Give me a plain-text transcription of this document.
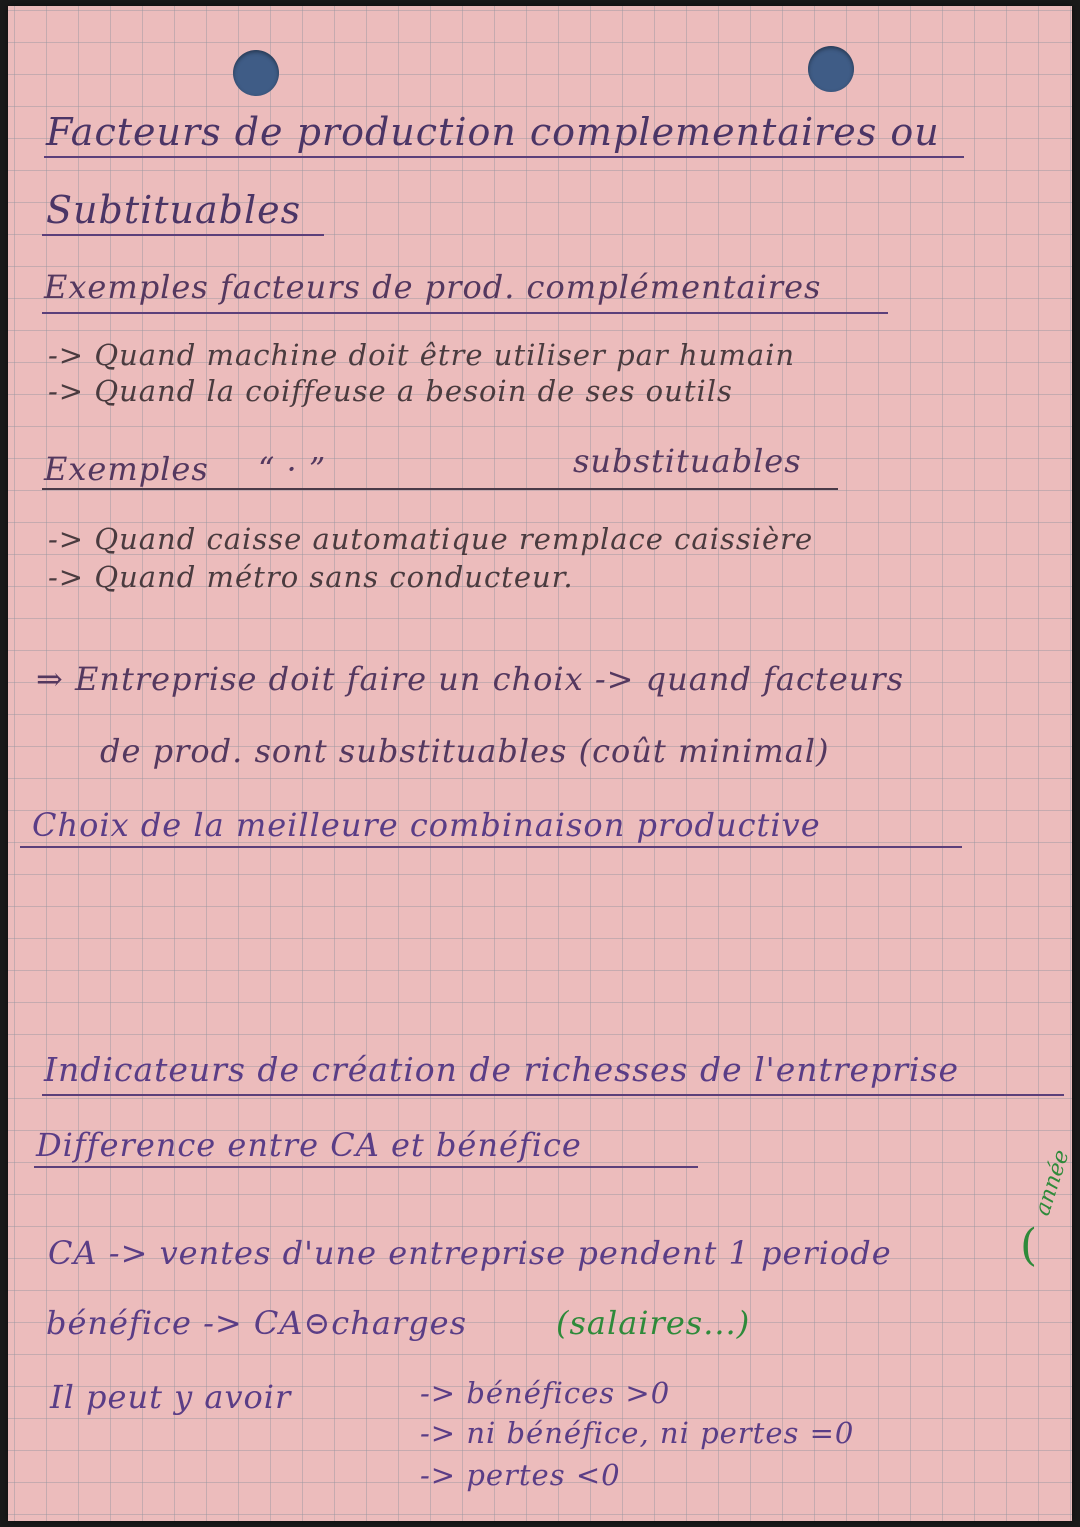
Facteurs de production complementaires ou
Subtituables
Exemples facteurs de prod. complémentaires
-> Quand machine doit être utiliser par humain
-> Quand la coiffeuse a besoin de ses outils
Exemples “ · ”	substituables
-> Quand caisse automatique remplace caissière
-> Quand métro sans conducteur.
⇒ Entreprise doit faire un choix -> quand facteurs
de prod. sont substituables (coût minimal)
Choix de la meilleure combinaison productive
Indicateurs de création de richesses de l'entreprise
Difference entre CA et bénéfice
CA -> ventes d'une entreprise pendent 1 periode	(
année
bénéfice -> CA⊝charges	(salaires...)
Il peut y avoir	-> bénéfices >0
-> ni bénéfice, ni pertes =0
-> pertes <0
